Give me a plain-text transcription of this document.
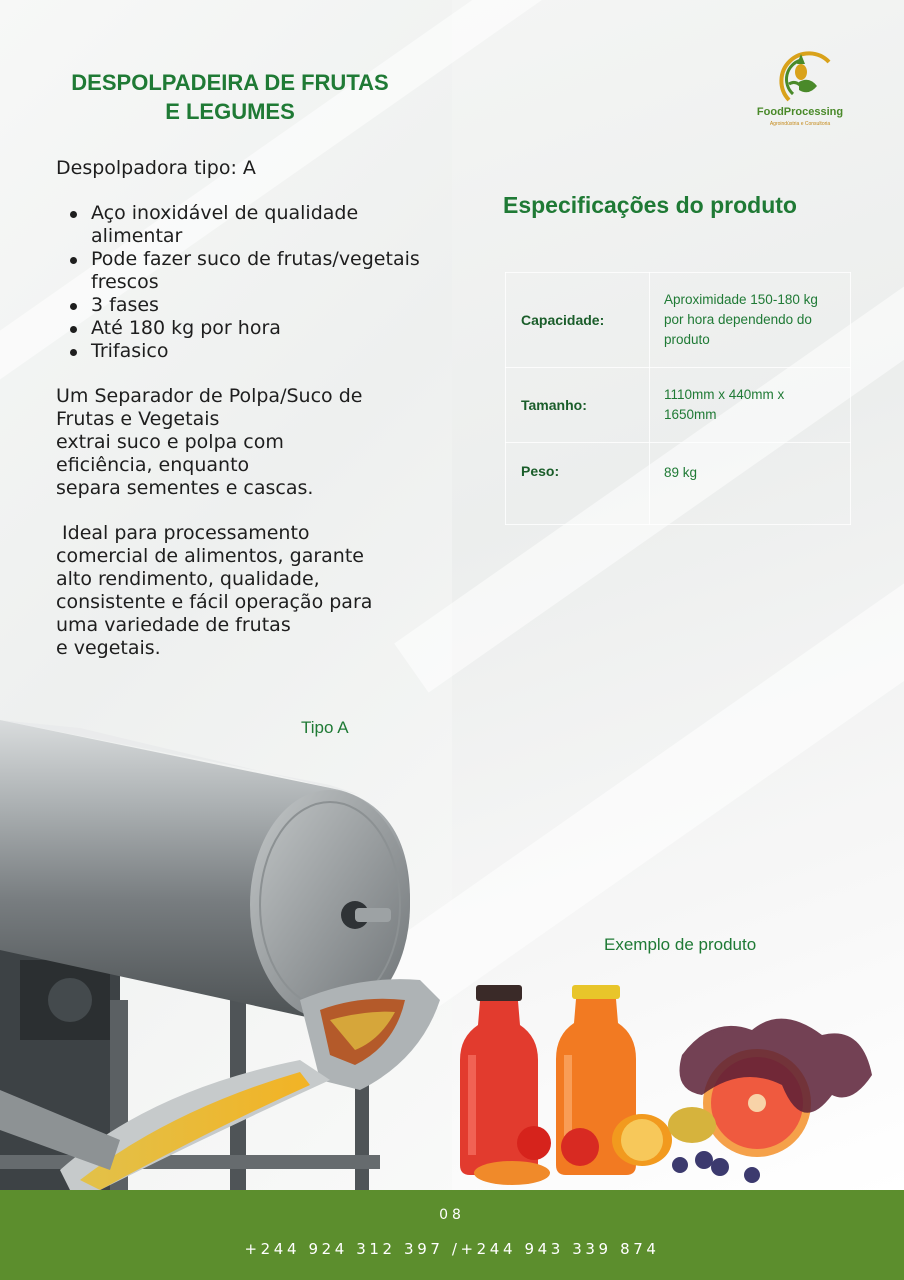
DESPOLPADEIRA DE FRUTAS
E LEGUMES
Despolpadora tipo: A
Aço inoxidável de qualidade alimentar
Pode fazer suco de frutas/vegetais frescos
3 fases
Até 180 kg por hora
Trifasico
Um Separador de Polpa/Suco de Frutas e Vegetais
extrai suco e polpa com
eficiência, enquanto
separa sementes e cascas.
Ideal para processamento
comercial de alimentos, garante
alto rendimento, qualidade,
consistente e fácil operação para
uma variedade de frutas
e vegetais.
Tipo A
FoodProcessing
Agroindústria e Consultoria
Especificações do produto
Capacidade:	Aproximidade 150-180 kg por hora dependendo do produto
Tamanho:	1110mm x 440mm x 1650mm
Peso:	89 kg
Exemplo de produto
08
+244 924 312 397 /+244 943 339 874
